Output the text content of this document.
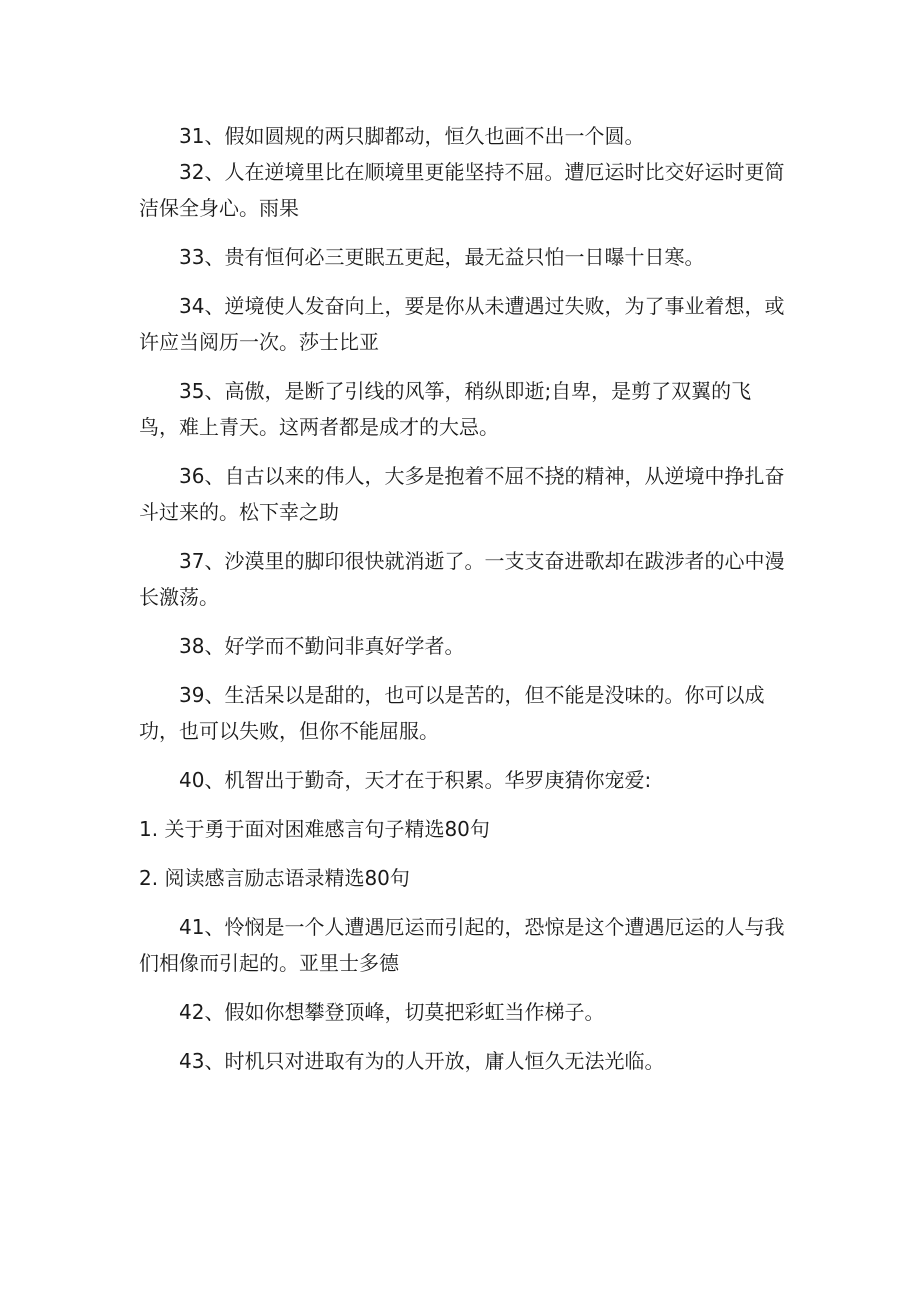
31、假如圆规的两只脚都动，恒久也画不出一个圆。

32、人在逆境里比在顺境里更能坚持不屈。遭厄运时比交好运时更简洁保全身心。雨果

33、贵有恒何必三更眠五更起，最无益只怕一日曝十日寒。

34、逆境使人发奋向上，要是你从未遭遇过失败，为了事业着想，或许应当阅历一次。莎士比亚

35、高傲，是断了引线的风筝，稍纵即逝;自卑，是剪了双翼的飞鸟，难上青天。这两者都是成才的大忌。

36、自古以来的伟人，大多是抱着不屈不挠的精神，从逆境中挣扎奋斗过来的。松下幸之助

37、沙漠里的脚印很快就消逝了。一支支奋进歌却在跋涉者的心中漫长激荡。

38、好学而不勤问非真好学者。

39、生活呆以是甜的，也可以是苦的，但不能是没味的。你可以成功，也可以失败，但你不能屈服。

40、机智出于勤奇，天才在于积累。华罗庚猜你宠爱:

1. 关于勇于面对困难感言句子精选80句

2. 阅读感言励志语录精选80句

41、怜悯是一个人遭遇厄运而引起的，恐惊是这个遭遇厄运的人与我们相像而引起的。亚里士多德

42、假如你想攀登顶峰，切莫把彩虹当作梯子。

43、时机只对进取有为的人开放，庸人恒久无法光临。
